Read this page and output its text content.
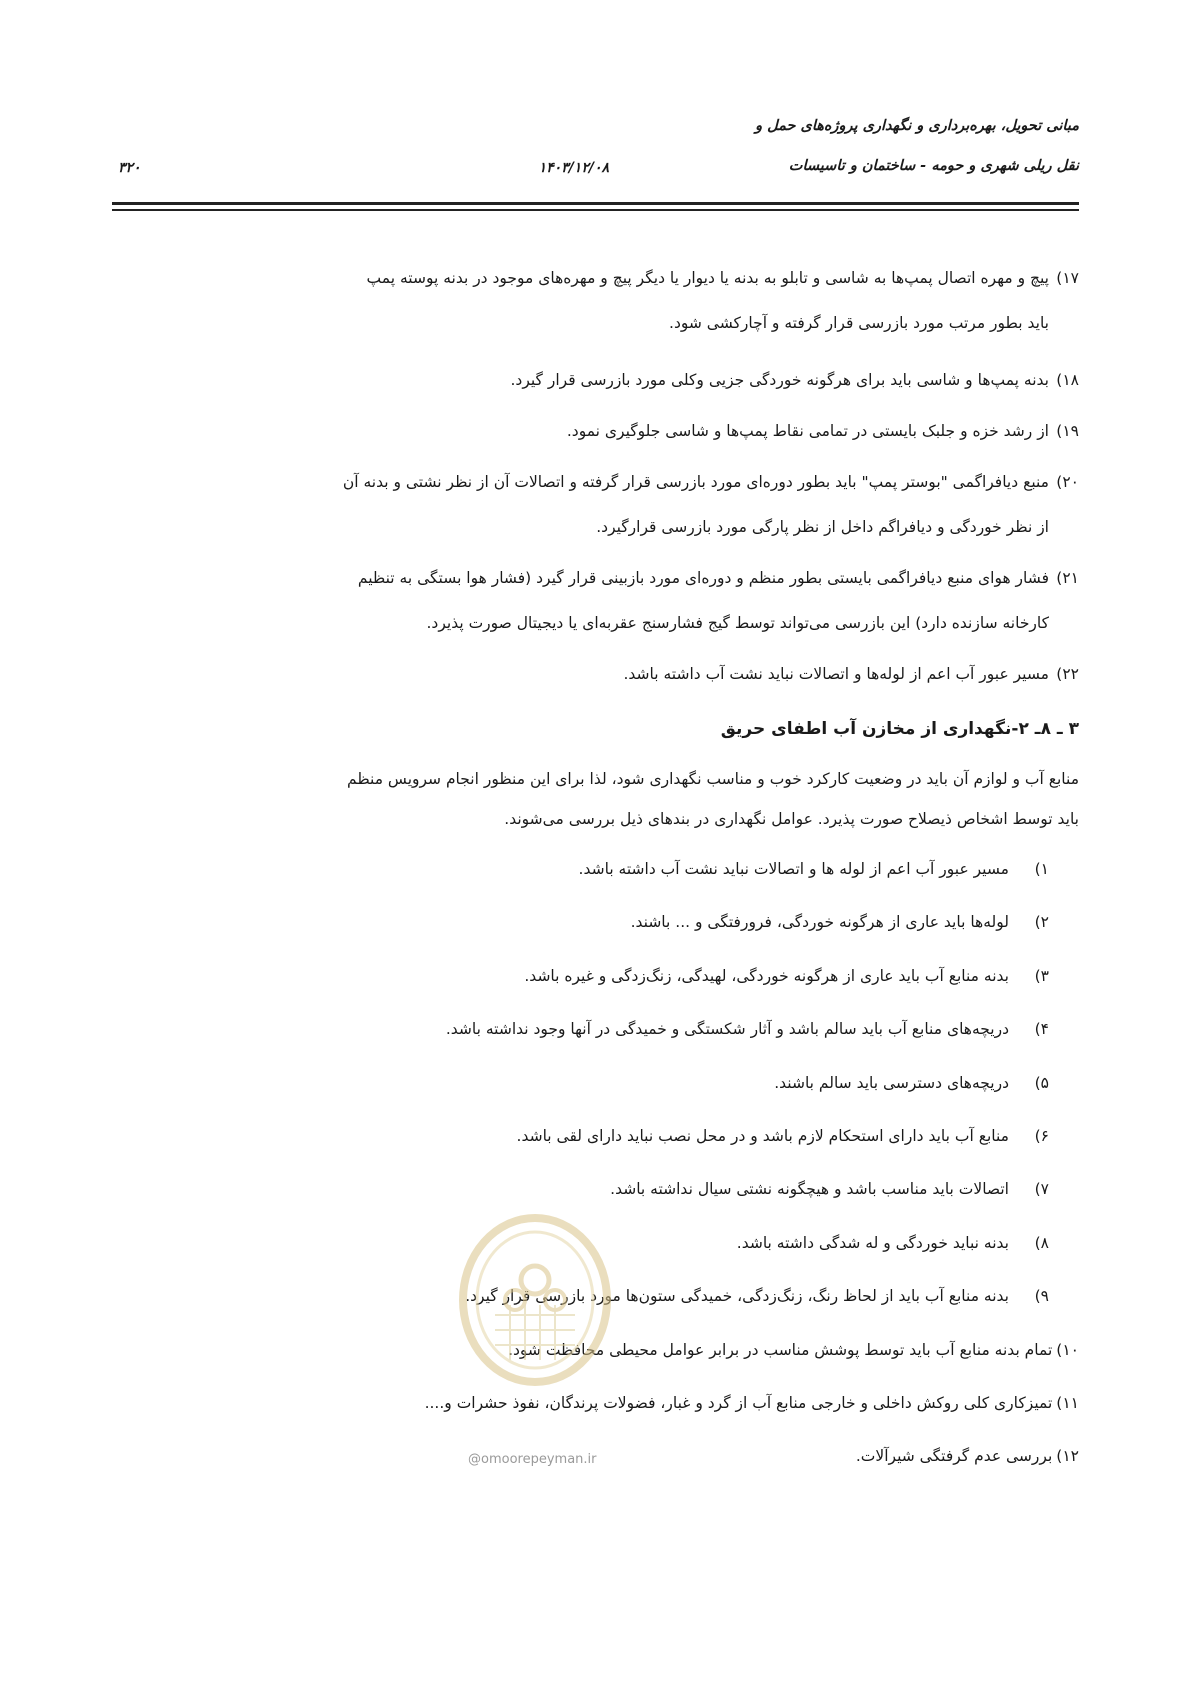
مبانی تحویل، بهره‌برداری و نگهداری پروژه‌های حمل و
نقل ریلی شهری و حومه - ساختمان و تاسیسات
۱۴۰۳/۱۲/۰۸
۳۲۰
۱۷)پیچ و مهره اتصال پمپ‌ها به شاسی و تابلو به بدنه یا دیوار یا دیگر پیچ و مهره‌های موجود در بدنه پوسته پمپ
باید بطور مرتب مورد بازرسی قرار گرفته و آچارکشی شود.
۱۸)بدنه پمپ‌ها و شاسی باید برای هرگونه خوردگی جزیی وکلی مورد بازرسی قرار گیرد.
۱۹)از رشد خزه و جلبک بایستی در تمامی نقاط پمپ‌ها و شاسی جلوگیری نمود.
۲۰)منبع دیافراگمی "بوستر پمپ" باید بطور دوره‌ای مورد بازرسی قرار گرفته و اتصالات آن از نظر نشتی و بدنه آن
از نظر خوردگی و دیافراگم داخل از نظر پارگی مورد بازرسی قرارگیرد.
۲۱)فشار هوای منبع دیافراگمی بایستی بطور منظم و دوره‌ای مورد بازبینی قرار گیرد (فشار هوا بستگی به تنظیم
کارخانه سازنده دارد) این بازرسی می‌تواند توسط گیج فشارسنج عقربه‌ای یا دیجیتال صورت پذیرد.
۲۲)مسیر عبور آب اعم از لوله‌ها و اتصالات نباید نشت آب داشته باشد.
۳ ـ ۸ـ ۲-نگهداری از مخازن آب اطفای حریق
منابع آب و لوازم آن باید در وضعیت کارکرد خوب و مناسب نگهداری شود، لذا برای این منظور انجام سرویس منظم
باید توسط اشخاص ذیصلاح صورت پذیرد. عوامل نگهداری در بندهای ذیل بررسی می‌شوند.
۱)مسیر عبور آب اعم از لوله ها و اتصالات نباید نشت آب داشته باشد.
۲)لوله‌ها باید عاری از هرگونه خوردگی، فرورفتگی و ... باشند.
۳)بدنه منابع آب باید عاری از هرگونه خوردگی، لهیدگی، زنگ‌زدگی و غیره باشد.
۴)دریچه‌های منابع آب باید سالم باشد و آثار شکستگی و خمیدگی در آنها وجود نداشته باشد.
۵)دریچه‌های دسترسی باید سالم باشند.
۶)منابع آب باید دارای استحکام لازم باشد و در محل نصب نباید دارای لقی باشد.
۷)اتصالات باید مناسب باشد و هیچگونه نشتی سیال نداشته باشد.
۸)بدنه نباید خوردگی و له شدگی داشته باشد.
۹)بدنه منابع آب باید از لحاظ رنگ، زنگ‌زدگی، خمیدگی ستون‌ها مورد بازرسی قرار گیرد.
۱۰)تمام بدنه منابع آب باید توسط پوشش مناسب در برابر عوامل محیطی محافظت شود.
۱۱)تمیزکاری کلی روکش داخلی و خارجی منابع آب از گرد و غبار، فضولات پرندگان، نفوذ حشرات و....
۱۲)بررسی عدم گرفتگی شیرآلات.
@omoorepeyman.ir
